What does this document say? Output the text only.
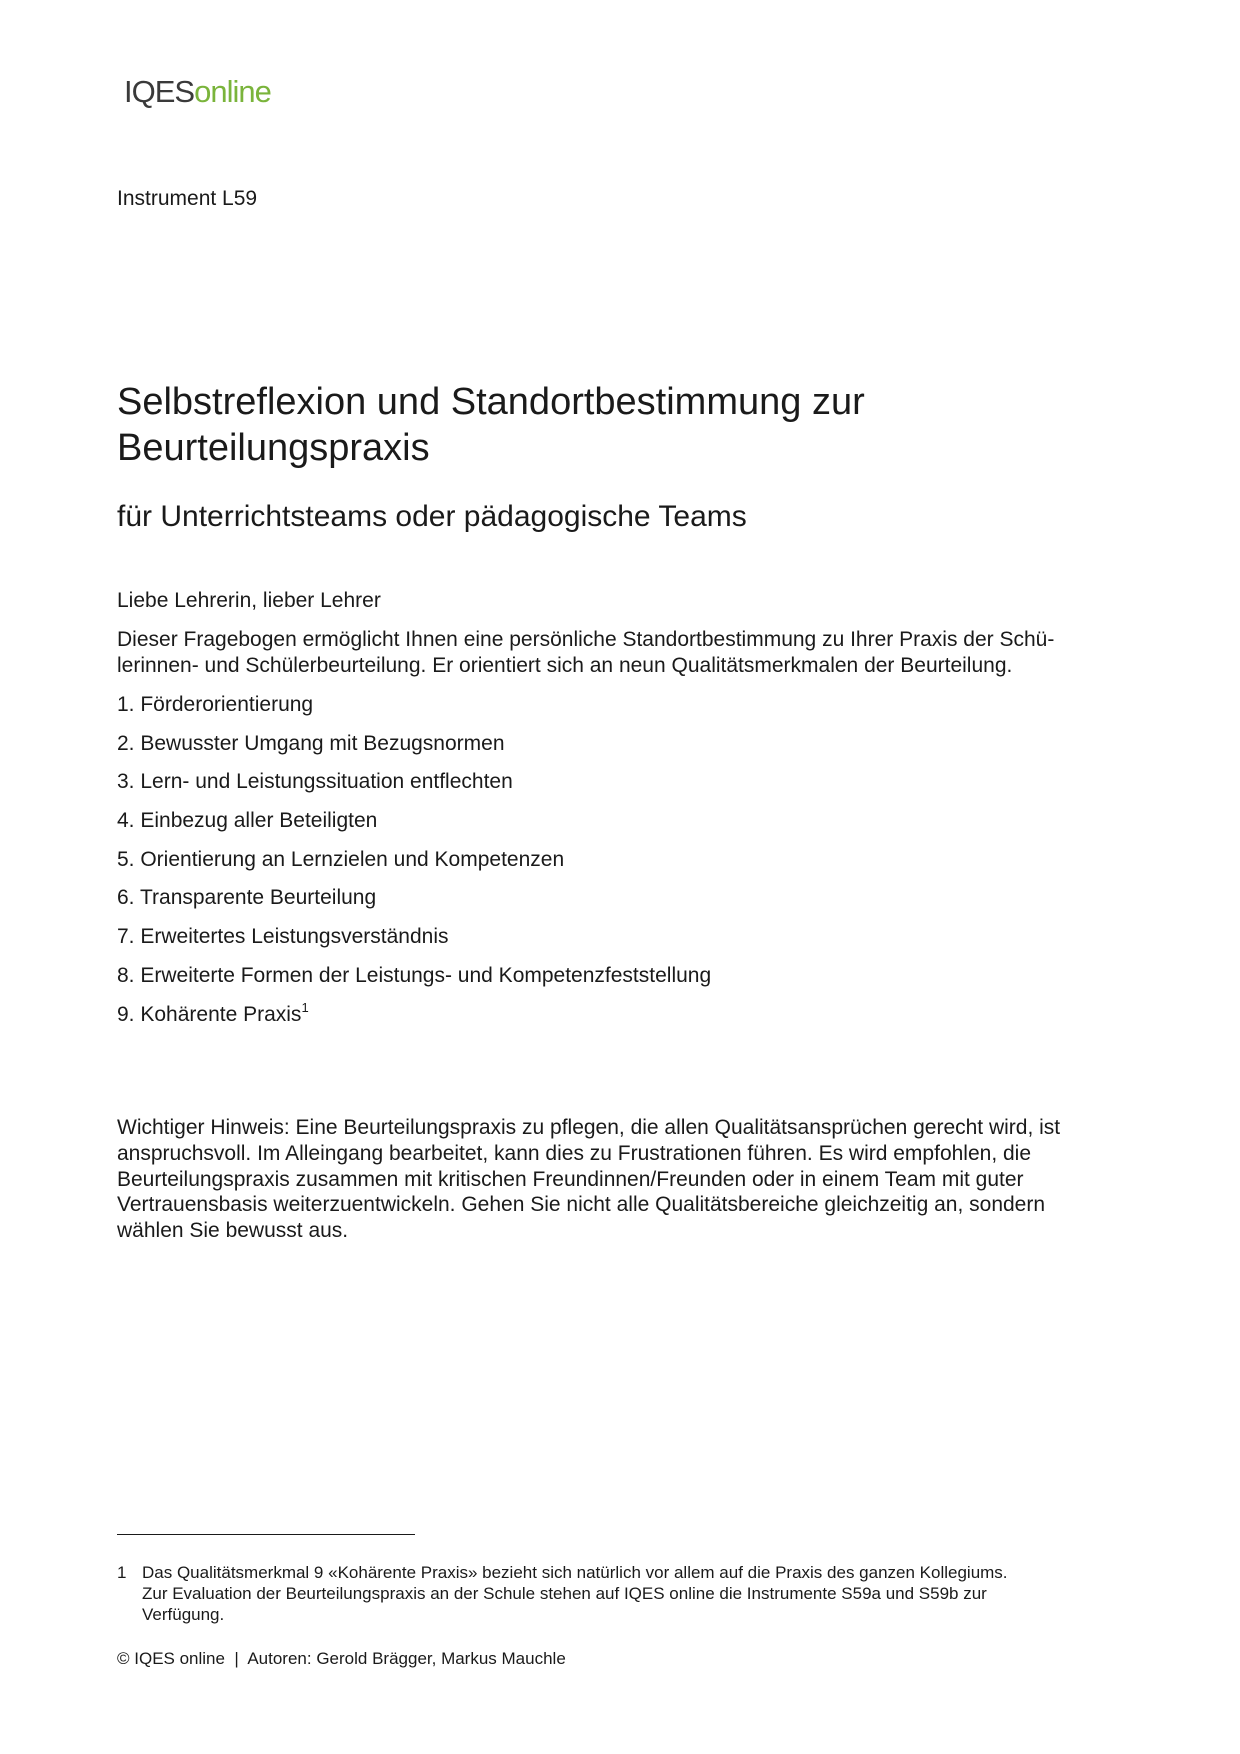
IQESonline
Instrument L59
Selbstreflexion und Standortbestimmung zur Beurteilungspraxis
für Unterrichtsteams oder pädagogische Teams
Liebe Lehrerin, lieber Lehrer

Dieser Fragebogen ermöglicht Ihnen eine persönliche Standortbestimmung zu Ihrer Praxis der Schü-
lerinnen- und Schülerbeurteilung. Er orientiert sich an neun Qualitätsmerkmalen der Beurteilung.

1. Förderorientierung
2. Bewusster Umgang mit Bezugsnormen
3. Lern- und Leistungssituation entflechten
4. Einbezug aller Beteiligten
5. Orientierung an Lernzielen und Kompetenzen
6. Transparente Beurteilung
7. Erweitertes Leistungsverständnis
8. Erweiterte Formen der Leistungs- und Kompetenzfeststellung
9. Kohärente Praxis$^1$

Wichtiger Hinweis: Eine Beurteilungspraxis zu pflegen, die allen Qualitätsansprüchen gerecht wird, ist
anspruchsvoll. Im Alleingang bearbeitet, kann dies zu Frustrationen führen. Es wird empfohlen, die
Beurteilungspraxis zusammen mit kritischen Freundinnen/Freunden oder in einem Team mit guter
Vertrauensbasis weiterzuentwickeln. Gehen Sie nicht alle Qualitätsbereiche gleichzeitig an, sondern
wählen Sie bewusst aus.

1 Das Qualitätsmerkmal 9 «Kohärente Praxis» bezieht sich natürlich vor allem auf die Praxis des ganzen Kollegiums.
Zur Evaluation der Beurteilungspraxis an der Schule stehen auf IQES online die Instrumente S59a und S59b zur
Verfügung.
© IQES online  |  Autoren: Gerold Brägger, Markus Mauchle
